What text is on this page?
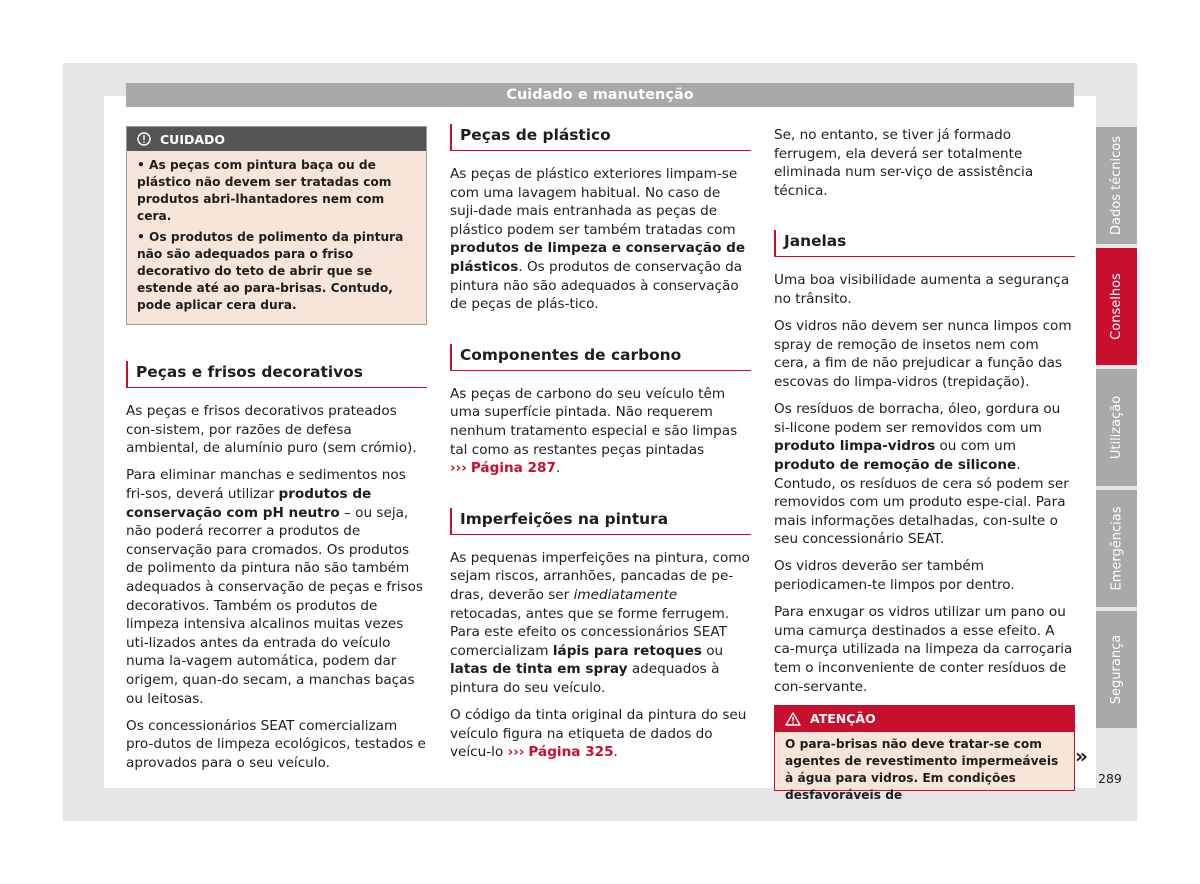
Cuidado e manutenção
CUIDADO
• As peças com pintura baça ou de plástico não devem ser tratadas com produtos abri-lhantadores nem com cera.
• Os produtos de polimento da pintura não são adequados para o friso decorativo do teto de abrir que se estende até ao para-brisas. Contudo, pode aplicar cera dura.
Peças e frisos decorativos

As peças e frisos decorativos prateados con-sistem, por razões de defesa ambiental, de alumínio puro (sem crómio).

Para eliminar manchas e sedimentos nos fri-sos, deverá utilizar produtos de conservação com pH neutro – ou seja, não poderá recorrer a produtos de conservação para cromados. Os produtos de polimento da pintura não são também adequados à conservação de peças e frisos decorativos. Também os produtos de limpeza intensiva alcalinos muitas vezes uti-lizados antes da entrada do veículo numa la-vagem automática, podem dar origem, quan-do secam, a manchas baças ou leitosas.

Os concessionários SEAT comercializam pro-dutos de limpeza ecológicos, testados e aprovados para o seu veículo.

Peças de plástico

As peças de plástico exteriores limpam-se com uma lavagem habitual. No caso de suji-dade mais entranhada as peças de plástico podem ser também tratadas com produtos de limpeza e conservação de plásticos. Os produtos de conservação da pintura não são adequados à conservação de peças de plás-tico.

Componentes de carbono

As peças de carbono do seu veículo têm uma superfície pintada. Não requerem nenhum tratamento especial e são limpas tal como as restantes peças pintadas ››› Página 287.

Imperfeições na pintura

As pequenas imperfeições na pintura, como sejam riscos, arranhões, pancadas de pe-dras, deverão ser imediatamente retocadas, antes que se forme ferrugem. Para este efeito os concessionários SEAT comercializam lápis para retoques ou latas de tinta em spray adequados à pintura do seu veículo.

O código da tinta original da pintura do seu veículo figura na etiqueta de dados do veícu-lo ››› Página 325.

Se, no entanto, se tiver já formado ferrugem, ela deverá ser totalmente eliminada num ser-viço de assistência técnica.

Janelas

Uma boa visibilidade aumenta a segurança no trânsito.

Os vidros não devem ser nunca limpos com spray de remoção de insetos nem com cera, a fim de não prejudicar a função das escovas do limpa-vidros (trepidação).

Os resíduos de borracha, óleo, gordura ou si-licone podem ser removidos com um produto limpa-vidros ou com um produto de remoção de silicone. Contudo, os resíduos de cera só podem ser removidos com um produto espe-cial. Para mais informações detalhadas, con-sulte o seu concessionário SEAT.

Os vidros deverão ser também periodicamen-te limpos por dentro.

Para enxugar os vidros utilizar um pano ou uma camurça destinados a esse efeito. A ca-murça utilizada na limpeza da carroçaria tem o inconveniente de conter resíduos de con-servante.

ATENÇÃO
O para-brisas não deve tratar-se com agentes de revestimento impermeáveis à água para vidros. Em condições desfavoráveis de
»
Dados técnicos
Conselhos
Utilização
Emergências
Segurança
289
